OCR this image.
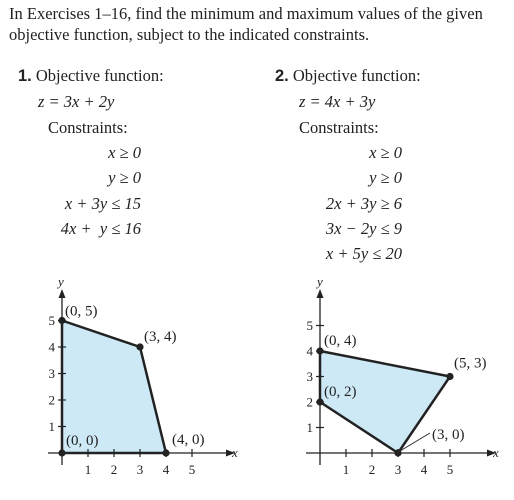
In Exercises 1–16, find the minimum and maximum values of the given objective function, subject to the indicated constraints.
1. Objective function:
z = 3x + 2y
Constraints:
x ≥ 0
y ≥ 0
x + 3y ≤ 15
4x +  y ≤ 16
2. Objective function:
z = 4x + 3y
Constraints:
x ≥ 0
y ≥ 0
2x + 3y ≥ 6
3x − 2y ≤ 9
x + 5y ≤ 20
x
y
1 2 3 4 5
1
2
3
4
5
(0, 0)	(4, 0)
(3, 4)
(0, 5)
x
y
1 2 3 4 5
1
2
3
4
5
(0, 2)
(3, 0)
(5, 3)
(0, 4)
